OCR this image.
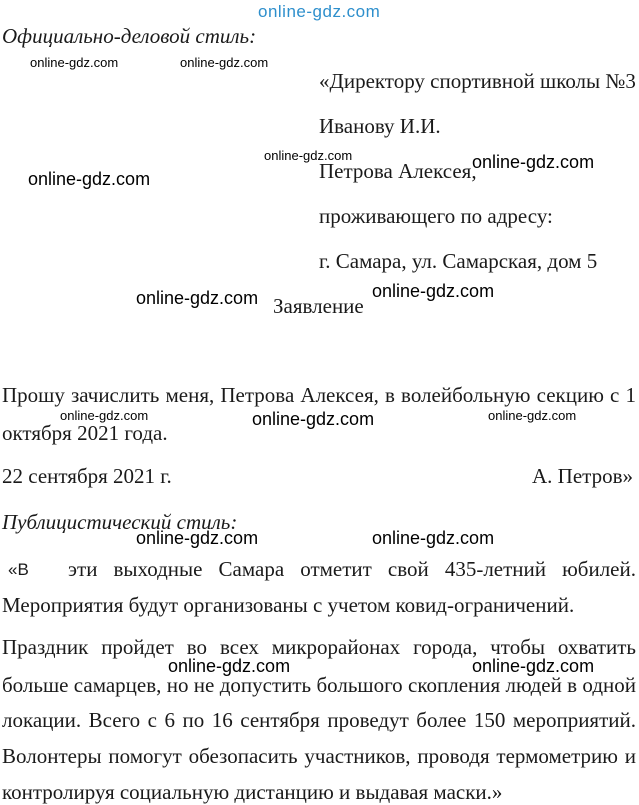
online-gdz.com
Официально-деловой стиль:
«Директору спортивной школы №3
Иванову И.И.
Петрова Алексея,
проживающего по адресу:
г. Самара, ул. Самарская, дом 5
Заявление
Прошу зачислить меня, Петрова Алексея, в волейбольную секцию с 1
октября 2021 года.
22 сентября 2021 г.	А. Петров»
Публицистический стиль:
«В эти выходные Самара отметит свой 435-летний юбилей.
Мероприятия будут организованы с учетом ковид-ограничений.
Праздник пройдет во всех микрорайонах города, чтобы охватить
больше самарцев, но не допустить большого скопления людей в одной
локации. Всего с 6 по 16 сентября проведут более 150 мероприятий.
Волонтеры помогут обезопасить участников, проводя термометрию и
контролируя социальную дистанцию и выдавая маски.»
online-gdz.com	online-gdz.com
online-gdz.com	online-gdz.com
online-gdz.com
online-gdz.com
online-gdz.com
online-gdz.com	online-gdz.com	online-gdz.com
online-gdz.com	online-gdz.com
online-gdz.com	online-gdz.com
